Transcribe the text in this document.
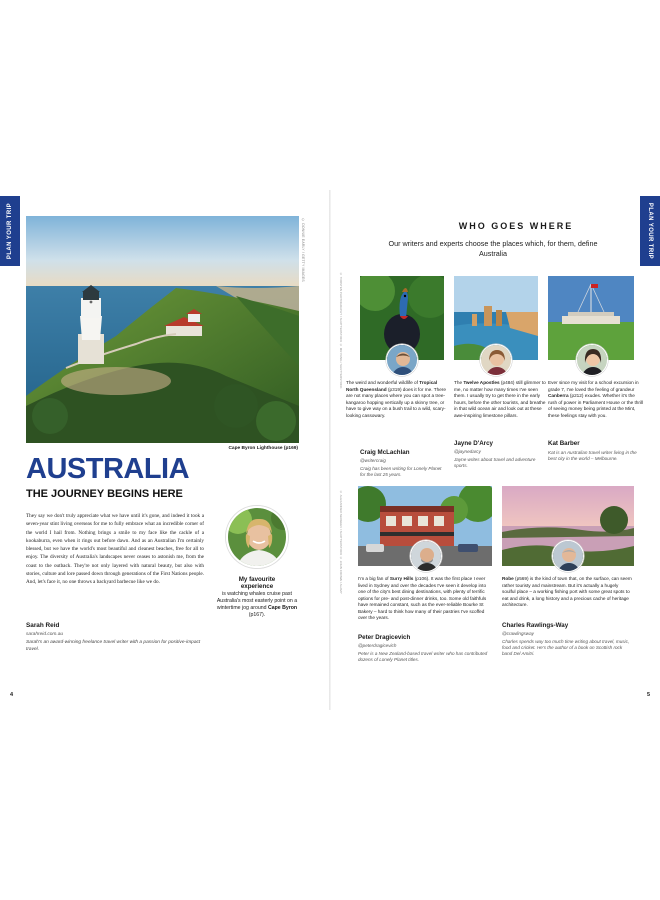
PLAN YOUR TRIP	© DONNIE EARLY / GETTY IMAGES
Cape Byron Lighthouse (p169)
AUSTRALIA
THE JOURNEY BEGINS HERE
They say we don't truly appreciate what we have until it's gone, and indeed it took a seven-year stint living overseas for me to fully embrace what an incredible corner of the world I hail from. Nothing brings a smile to my face like the cackle of a kookaburra, even when it rings out before dawn. And as an Australian I'm certainly blessed, but we have the world's most beautiful and cleanest beaches, free for all to enjoy. The diversity of Australia's landscapes never ceases to astonish me, from the coast to the outback. They're not only layered with natural beauty, but also with stories, culture and lore passed down through generations of the First Nations people. And, let's face it, no one throws a backyard barbecue like we do.
Sarah Reid
sarahreid.com.au
Sarah's an award-winning freelance travel writer with a passion for positive-impact travel.
My favourite
experience
is watching whales cruise past Australia's most easterly point on a wintertime jog around Cape Byron (p167).
4
PLAN YOUR TRIP
WHO GOES WHERE
Our writers and experts choose the places which, for them, define Australia
© TORSTEN PHOTOGRAPHY / SHUTTERSTOCK © MR PANG / SHUTTERSTOCK
© ALEXANDER SERGEEV / SHUTTERSTOCK © JOHN CROWE / ALAMY
The weird and wonderful wildlife of Tropical North Queensland (p319) does it for me. There are not many places where you can spot a tree-kangaroo hopping vertically up a skinny tree, or have to give way on a bush trail to a wild, scary-looking cassowary.
Craig McLachlan
@writercraig
Craig has been writing for Lonely Planet for the last 25 years.
The Twelve Apostles (p484) still glimmer to me, no matter how many times I've seen them. I usually try to get there in the early hours, before the other tourists, and breathe in that wild ocean air and look out at these awe-inspiring limestone pillars.
Jayne D'Arcy
@jaynedarcy
Jayne writes about travel and adventure sports.
Ever since my visit for a school excursion in grade 7, I've loved the feeling of grandeur Canberra (p212) exudes. Whether it's the rush of power in Parliament House or the thrill of seeing money being printed at the Mint, these feelings stay with you.
Kat Barber
Kat is an Australian travel writer living in the best city in the world – Melbourne.
I'm a big fan of Surry Hills (p106). It was the first place I ever lived in Sydney and over the decades I've seen it develop into one of the city's best dining destinations, with plenty of terrific options for pre- and post-dinner drinks, too. Some old faithfuls have remained constant, such as the ever-reliable Bourke St Bakery – hard to think how many of their pastries I've scoffed over the years.
Peter Dragicevich
@peterdragicevich
Peter is a New Zealand-based travel writer who has contributed dozens of Lonely Planet titles.
Robe (p569) is the kind of town that, on the surface, can seem rather touristy and mainstream. But it's actually a hugely soulful place – a working fishing port with some great spots to eat and drink, a long history and a precious cache of heritage architecture.
Charles Rawlings-Way
@crawlingsway
Charles spends way too much time writing about travel, music, food and cricket. He's the author of a book on Scottish rock band Del Amitri.
5
